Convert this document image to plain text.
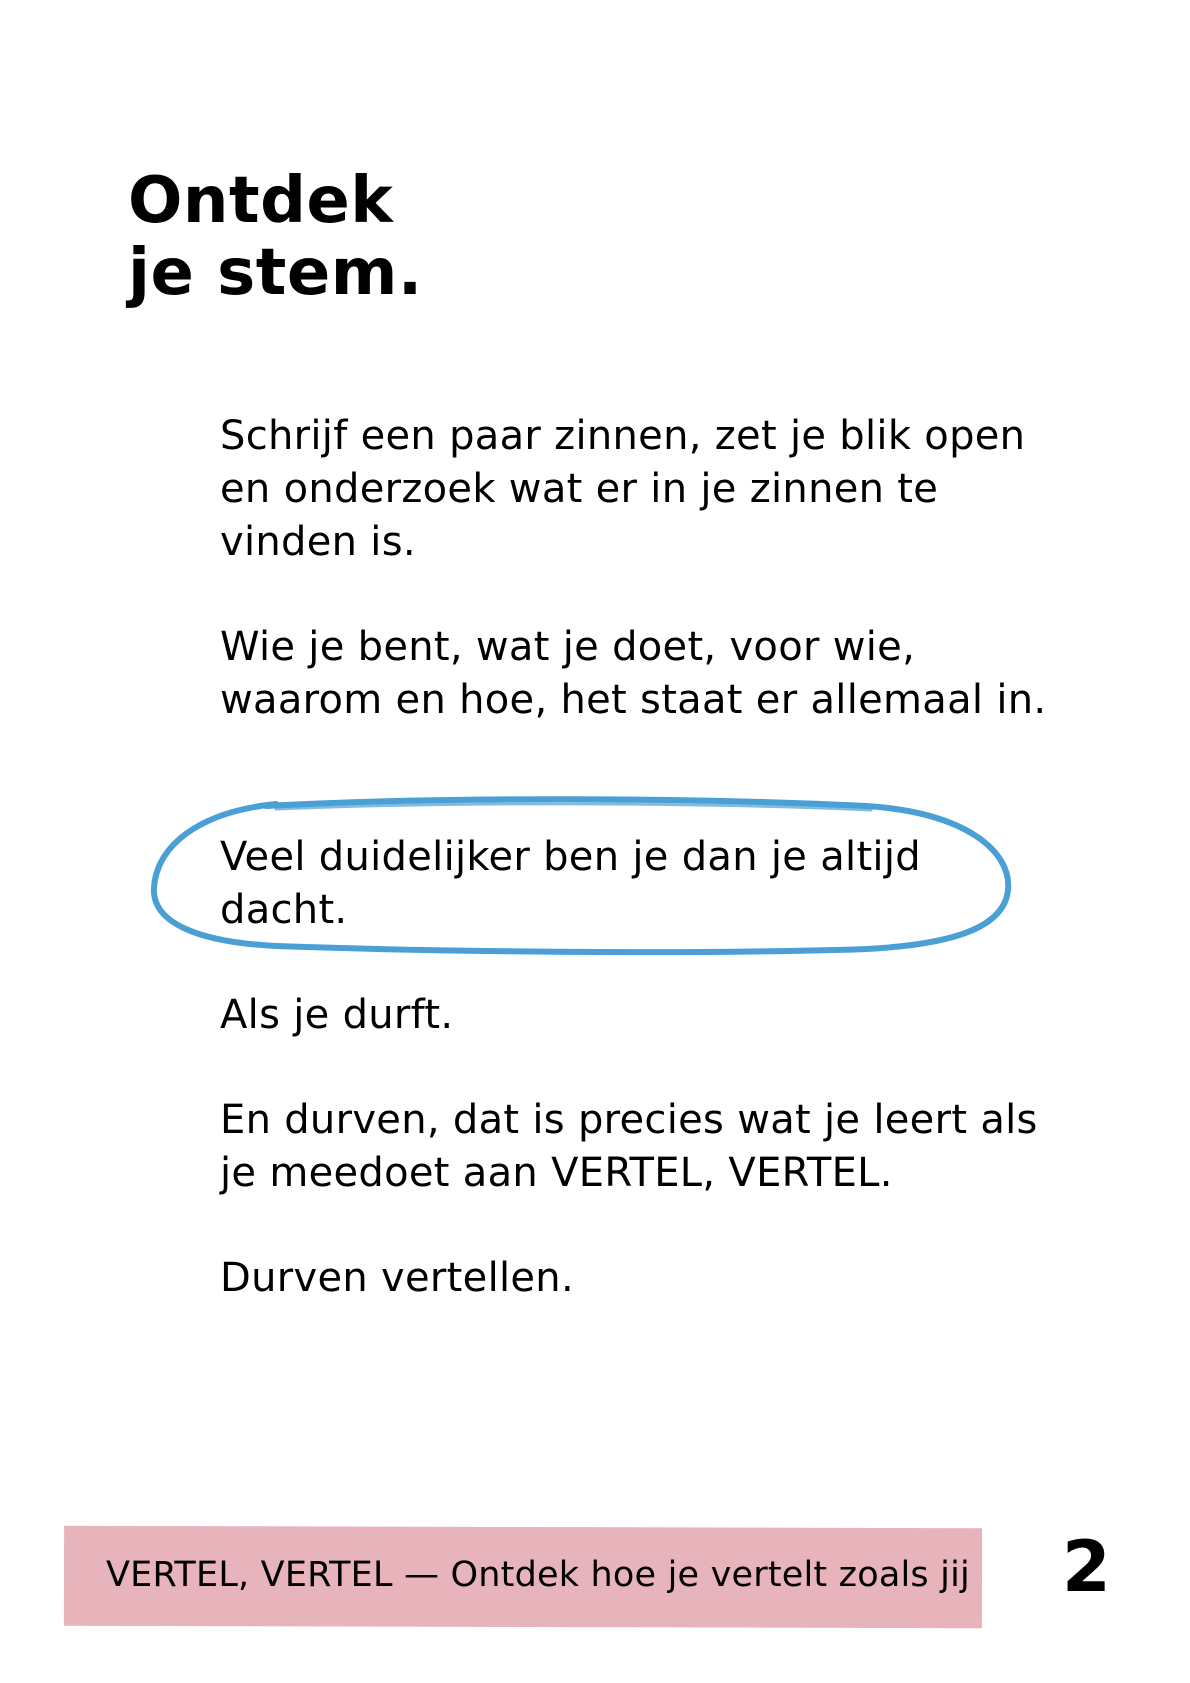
Ontdek
je stem.

Schrijf een paar zinnen, zet je blik open en onderzoek wat er in je zinnen te vinden is.

Wie je bent, wat je doet, voor wie, waarom en hoe, het staat er allemaal in.

Veel duidelijker ben je dan je altijd dacht.

Als je durft.

En durven, dat is precies wat je leert als je meedoet aan VERTEL, VERTEL.

Durven vertellen.

VERTEL, VERTEL — Ontdek hoe je vertelt zoals jij 2
